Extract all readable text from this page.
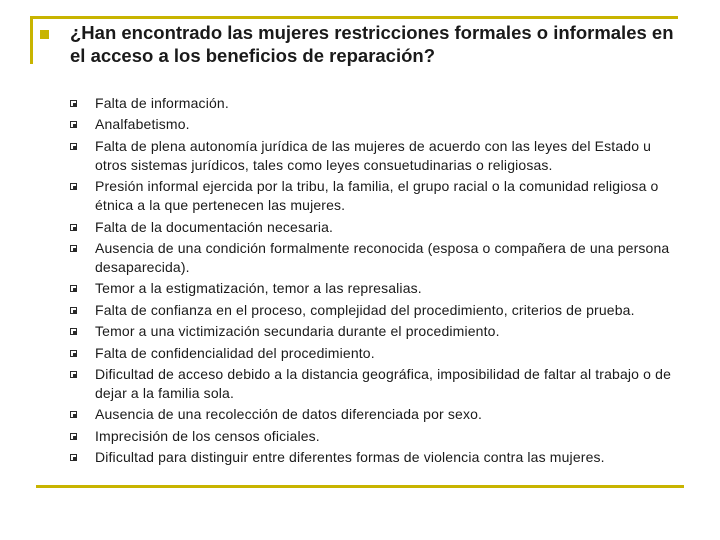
¿Han encontrado las mujeres restricciones formales o informales en el acceso a los beneficios de reparación?
Falta de información.
Analfabetismo.
Falta de plena autonomía jurídica de las mujeres de acuerdo con las leyes del Estado u otros sistemas jurídicos, tales como leyes consuetudinarias o religiosas.
Presión informal ejercida por la tribu, la familia, el grupo racial o la comunidad religiosa o étnica a la que pertenecen las mujeres.
Falta de la documentación necesaria.
Ausencia de una condición formalmente reconocida (esposa o compañera de una persona desaparecida).
Temor a la estigmatización, temor a las represalias.
Falta de confianza en el proceso, complejidad del procedimiento, criterios de prueba.
Temor a una victimización secundaria durante el procedimiento.
Falta de confidencialidad del procedimiento.
Dificultad de acceso debido a la distancia geográfica, imposibilidad de faltar al trabajo o de dejar a la familia sola.
Ausencia de una recolección de datos diferenciada por sexo.
Imprecisión de los censos oficiales.
Dificultad para distinguir entre diferentes formas de violencia contra las mujeres.
